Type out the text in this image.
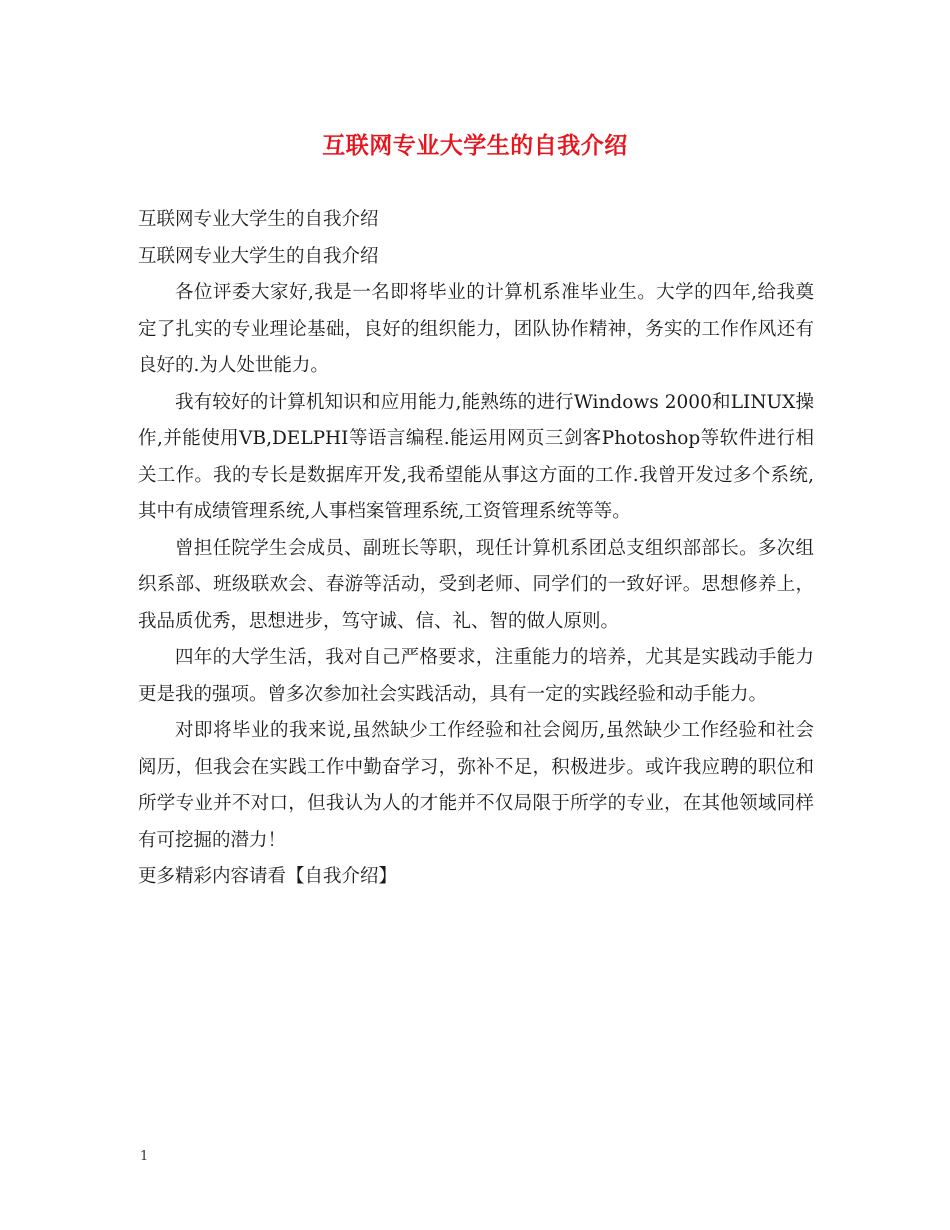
互联网专业大学生的自我介绍

互联网专业大学生的自我介绍

互联网专业大学生的自我介绍

各位评委大家好,我是一名即将毕业的计算机系准毕业生。大学的四年,给我奠定了扎实的专业理论基础，良好的组织能力，团队协作精神，务实的工作作风还有良好的.为人处世能力。

我有较好的计算机知识和应用能力,能熟练的进行Windows 2000和LINUX操作,并能使用VB,DELPHI等语言编程.能运用网页三剑客Photoshop等软件进行相关工作。我的专长是数据库开发,我希望能从事这方面的工作.我曾开发过多个系统,其中有成绩管理系统,人事档案管理系统,工资管理系统等等。

曾担任院学生会成员、副班长等职，现任计算机系团总支组织部部长。多次组织系部、班级联欢会、春游等活动，受到老师、同学们的一致好评。思想修养上，我品质优秀，思想进步，笃守诚、信、礼、智的做人原则。

四年的大学生活，我对自己严格要求，注重能力的培养，尤其是实践动手能力更是我的强项。曾多次参加社会实践活动，具有一定的实践经验和动手能力。

对即将毕业的我来说,虽然缺少工作经验和社会阅历,虽然缺少工作经验和社会阅历，但我会在实践工作中勤奋学习，弥补不足，积极进步。或许我应聘的职位和所学专业并不对口，但我认为人的才能并不仅局限于所学的专业，在其他领域同样有可挖掘的潜力！

更多精彩内容请看【自我介绍】

1
